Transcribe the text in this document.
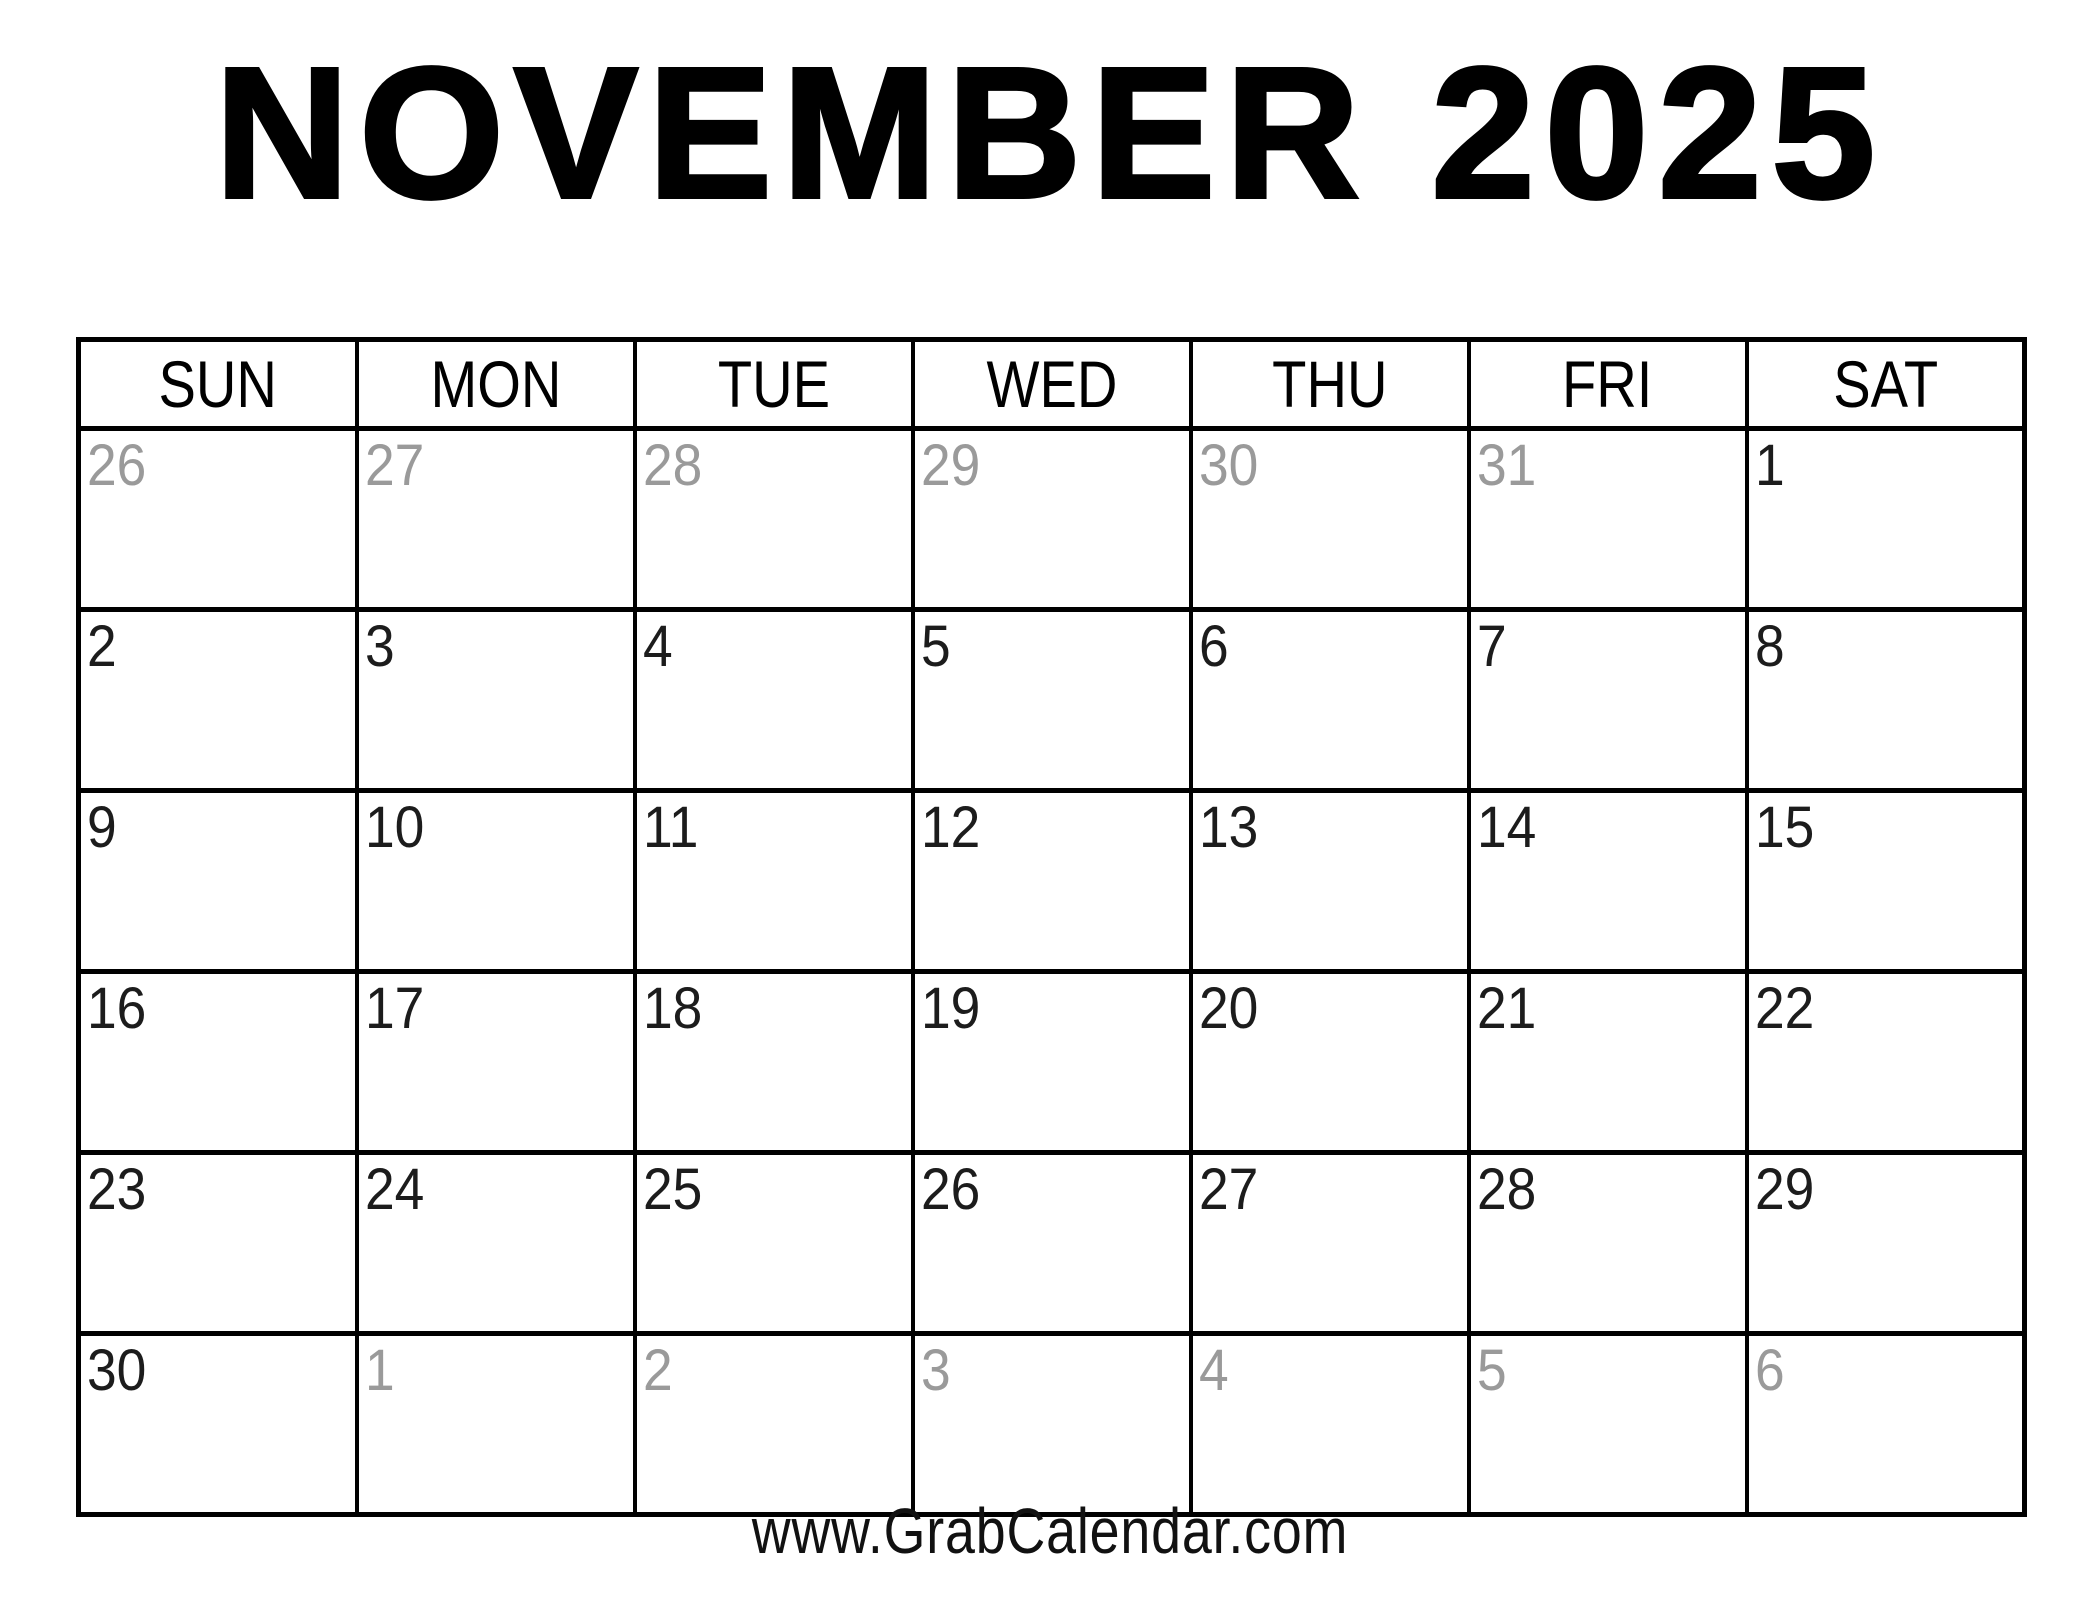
NOVEMBER 2025
SUN	MON	TUE	WED	THU	FRI	SAT
26	27	28	29	30	31	1
2	3	4	5	6	7	8
9	10	11	12	13	14	15
16	17	18	19	20	21	22
23	24	25	26	27	28	29
30	1	2	3	4	5	6
www.GrabCalendar.com
